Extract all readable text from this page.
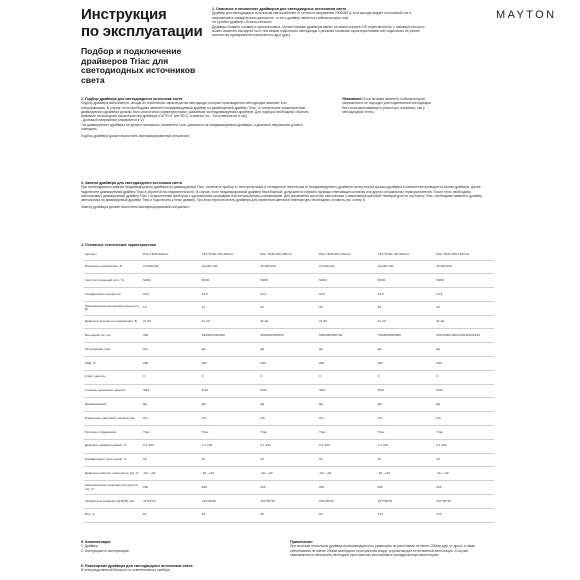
Инструкция
по эксплуатации
Подбор и подключение драйверов Triac для светодиодных источников света
MAYTON
1. Описание и назначение драйверов для светодиодных источников света

Драйвер для светодиодных источников света работает от сетевого напряжения 230В/50Гц, а на выходе выдает постоянный ток и напряжение в определенном диапазоне, то есть драйвер является стабилизатором тока.

Не путайте драйвер с блоком питания!

Драйверы бывают токовые и мультитоковые. Мультитоковые драйверы имеют на своем корпусе DIP-переключатель, с помощью которого можно изменять выходной ток и тем самым подключать светодиоды с разными токовыми характеристиками или подключать их разное количество одновременно параллельно друг другу.

2. Подбор драйвера для светодиодного источника света

Подбор драйвера выполняется, исходя из технических характеристик светодиода, которые производитель светодиодов заявляет в их спецификациях. В случае, если необходимо заменить неадиммируемый драйвер на диммируемый драйвер Triac, то технические характеристики диммируемого драйвера должны быть аналогичны характеристикам, указанным на неадиммируемом драйвере. Для подбора необходимо обратить внимание на выходные характеристики драйвера (OUTPUT или SEC), а именно на: - Ток (измеряется в mA)

- Диапазон напряжения (измеряется в V)

Ток диммируемого драйвера не должен превышать показатели тока, указанные на неадиммируемом драйвере, а диапазон напряжения должен совпадать.

Подбор драйвера должен выполнить квалифицированный специалист.

*Внимание! Блок питания является стабилизатором напряжения и не подходит для подключения светодиодов без токоограничивающего резистора, например, как у светодиодной ленты.

3. Замена драйвера для светодиодного источника света

При необходимости замены неадиммируемого драйвера на диммируемый Triac, отключите прибор от электропитания и отсоедините светильник от неадиммируемого драйвера путем снятия крышки драйвера и извлечения проводов из клемм драйвера. Далее подключите диммируемый драйвер Triac в обратной последовательности. В случае, если неадиммируемый драйвер неразборный, допускается отрезать провода отвечающих колпачек или других специальных термоусилителей. После этого необходимо смонтировать диммируемый драйвер Triac с отделителями прибором с удлиненными проводами или специальными клеммниками. Для управления яркостью светильника с изменяемой цветовой температурой по протоколу Triac, необходимо заменить драйвер светильника на диммируемый драйвер Triac и подключить к нему диммер. При этом переключатель драйвера для изменения цветовой температуры необходимо оставить (см. схему 2).

Замену драйвера должен выполнить квалифицированный специалист.

4. Основные технические характеристики
Артикул	PSL-TR46-300mA	PSL-TR46-150-300mA	PSL-TR46-350-500mA	PSL-TR46-550-700mA	PSL-TR46-750-950mA	PSL-TR46-950-1200mA
Входящее напряжение, В	AC180-240	AC180-240	AC180-240	AC180-240	AC180-240	AC180-240
Частота питающей сети, Гц	50/60	50/60	50/60	50/60	50/60	50/60
Коэффициент мощности	≥0.9	≥0.9	≥0.9	≥0.9	≥0.9	≥0.9
Максимальная выходящая мощность, Вт	12	12	20	30	35	40
Диапазон выходного напряжения, В	21-40	21-40	21-40	21-40	21-40	21-40
Выходной ток, мА	300	150/200/230/300	350/400/450/500	550/600/650/700	750/800/850/950	950/1000/1050/1100/1150/1200
Регулировка тока	Нет	Да	Да	Да	Да	Да
КПД, %	≥80	≥80	≥80	≥80	≥80	≥80
Класс защиты	II	II	II	II	II	II
Степень пылевлаго защиты	IP54	IP20	IP20	IP20	IP20	IP20
Диммирование	Да	Да	Да	Да	Да	Да
Изменение цветовой температуры	Нет	Нет	Нет	Нет	Нет	Нет
Протокол управления	Triac	Triac	Triac	Triac	Triac	Triac
Диапазон диммиро-вания, %	0.1-100	0.1-100	0.1-100	0.1-100	0.1-100	0.1-100
Коэффициент пуль-сации, %	≤5	≤5	≤5	≤5	≤5	≤5
Диапазон рабочих температур (tc), С°	-20...+40	-20...+40	-20...+40	-20...+40	-20...+40	-20...+40
Максимальная температура корпуса (tc), С°	≤65	≤65	≤65	≤65	≤65	≤65
Габаритные размеры (Д*Ш*В), мм	44*44*23	130*38*20	151*38*30	151*38*30	167*38*30	167*38*30
Вес, гр	62	94	90	94	170	170
5. Комплектация

1. Драйвер

2. Инструкция по эксплуатации

6. Размещение драйвера для светодиодных источников света

В непосредственной близости от осветительного прибора

Примечание:

При монтаже нескольких драйверов рекомендуется их размещать на расстоянии не менее 200мм друг от друга, а также обеспечивать не менее 200мм свободного пространства вокруг устройства для естественной вентиляции. В случае невозможности обеспечить свободное пространство использовать принудительную вентиляцию.
